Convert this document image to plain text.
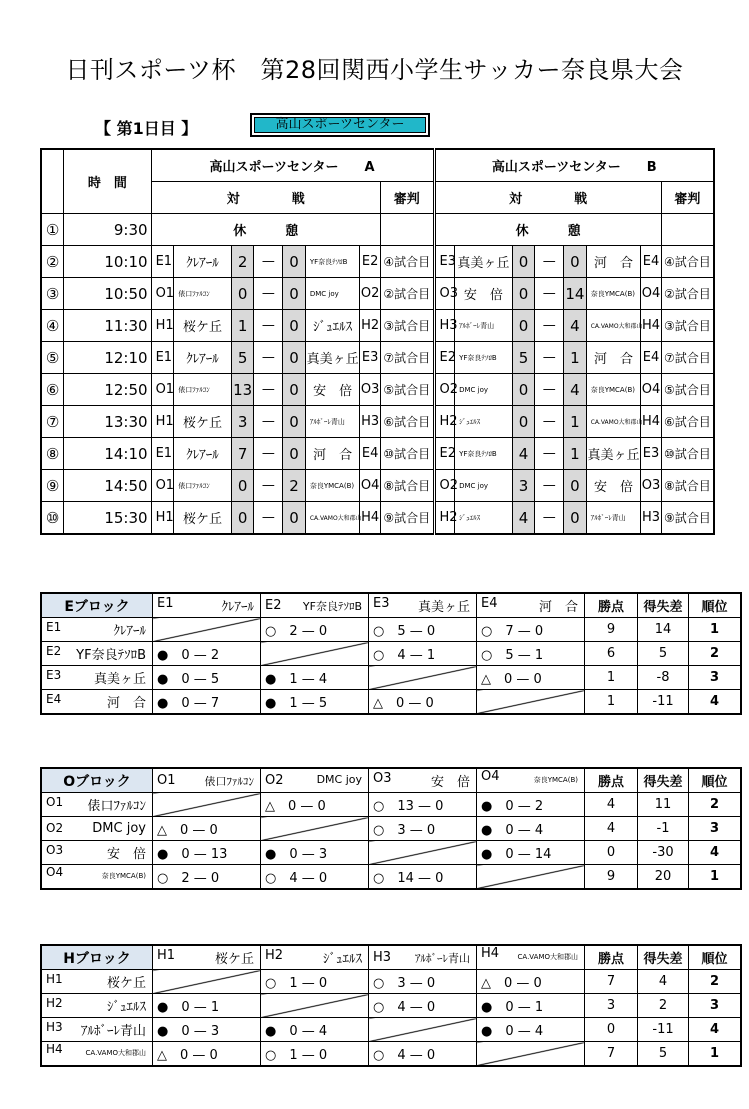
日刊スポーツ杯　第28回関西小学生サッカー奈良県大会
【 第1日目 】	高山スポーツセンター
	時　間	高山スポーツセンター　　A								高山スポーツセンター　　B							
		対　　　　戦							審判	対　　　　戦							審判
①	9:30	休　　　憩								休　　　憩							
②	10:10	E1	ｸﾚｱｰﾙ	2	—	0	YF奈良ﾃｿﾛB	E2	④試合目	E3	真美ヶ丘	0	—	0	河　合	E4	④試合目
③	10:50	O1	俵口ﾌｧﾙｺﾝ	0	—	0	DMC joy	O2	②試合目	O3	安　倍	0	—	14	奈良YMCA(B)	O4	②試合目
④	11:30	H1	桜ケ丘	1	—	0	ｼﾞｭｴﾙｽ	H2	③試合目	H3	ｱﾙﾎﾞｰﾚ青山	0	—	4	CA.VAMO大和郡山	H4	③試合目
⑤	12:10	E1	ｸﾚｱｰﾙ	5	—	0	真美ヶ丘	E3	⑦試合目	E2	YF奈良ﾃｿﾛB	5	—	1	河　合	E4	⑦試合目
⑥	12:50	O1	俵口ﾌｧﾙｺﾝ	13	—	0	安　倍	O3	⑤試合目	O2	DMC joy	0	—	4	奈良YMCA(B)	O4	⑤試合目
⑦	13:30	H1	桜ケ丘	3	—	0	ｱﾙﾎﾞｰﾚ青山	H3	⑥試合目	H2	ｼﾞｭｴﾙｽ	0	—	1	CA.VAMO大和郡山	H4	⑥試合目
⑧	14:10	E1	ｸﾚｱｰﾙ	7	—	0	河　合	E4	⑩試合目	E2	YF奈良ﾃｿﾛB	4	—	1	真美ヶ丘	E3	⑩試合目
⑨	14:50	O1	俵口ﾌｧﾙｺﾝ	0	—	2	奈良YMCA(B)	O4	⑧試合目	O2	DMC joy	3	—	0	安　倍	O3	⑧試合目
⑩	15:30	H1	桜ケ丘	0	—	0	CA.VAMO大和郡山	H4	⑨試合目	H2	ｼﾞｭｴﾙｽ	4	—	0	ｱﾙﾎﾞｰﾚ青山	H3	⑨試合目
Eブロック	E1 ｸﾚｱｰﾙ	E2 YF奈良ﾃｿﾛB	E3 真美ヶ丘	E4 河　合	勝点	得失差	順位
E1 ｸﾚｱｰﾙ		○　2 — 0	○　5 — 0	○　7 — 0	9	14	1
E2 YF奈良ﾃｿﾛB	●　0 — 2		○　4 — 1	○　5 — 1	6	5	2
E3 真美ヶ丘	●　0 — 5	●　1 — 4		△　0 — 0	1	-8	3
E4 河　合	●　0 — 7	●　1 — 5	△　0 — 0		1	-11	4
Oブロック	O1 俵口ﾌｧﾙｺﾝ	O2 DMC joy	O3 安　倍	O4 奈良YMCA(B)	勝点	得失差	順位
O1 俵口ﾌｧﾙｺﾝ		△　0 — 0	○　13 — 0	●　0 — 2	4	11	2
O2 DMC joy	△　0 — 0		○　3 — 0	●　0 — 4	4	-1	3
O3 安　倍	●　0 — 13	●　0 — 3		●　0 — 14	0	-30	4
O4 奈良YMCA(B)	○　2 — 0	○　4 — 0	○　14 — 0		9	20	1
Hブロック	H1 桜ケ丘	H2 ｼﾞｭｴﾙｽ	H3 ｱﾙﾎﾞｰﾚ青山	H4 CA.VAMO大和郡山	勝点	得失差	順位
H1 桜ケ丘		○　1 — 0	○　3 — 0	△　0 — 0	7	4	2
H2 ｼﾞｭｴﾙｽ	●　0 — 1		○　4 — 0	●　0 — 1	3	2	3
H3 ｱﾙﾎﾞｰﾚ青山	●　0 — 3	●　0 — 4		●　0 — 4	0	-11	4
H4 CA.VAMO大和郡山	△　0 — 0	○　1 — 0	○　4 — 0		7	5	1
